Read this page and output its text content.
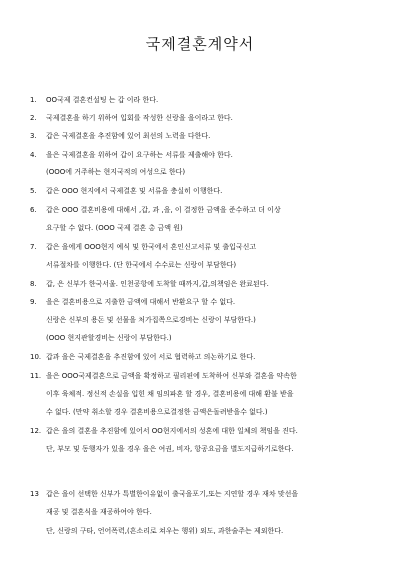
국제결혼계약서

1. OO국제 결혼컨설팅 는 갑 이라 한다.

2. 국제결혼을 하기 위하여 입회를 작성한 신랑을 을이라고 한다.

3. 갑은 국제결혼을 추진함에 있어 최선의 노력을 다한다.

4. 을은 국제결혼을 위하여 갑이 요구하는 서류를 제출해야 한다.

(OOO에 거주하는 현지국적의 여성으로 한다)

5. 갑은 OOO 현지에서 국제결혼 및 서류을 충실히 이행한다.

6. 갑은 OOO 결혼비용에 대해서 ,갑, 과 ,을, 이 결정한 금액을 준수하고 더 이상

요구할 수 없다. (OOO 국제 결혼 총 금액 원)

7. 갑은 을에게 OOO현지 예식 및 한국에서 혼인신고서류 및 출입국신고

서류절차를 이행한다. (단 한국에서 수수료는 신랑이 부담한다)

8. 갑, 은 신부가 한국서울. 인천공항에 도착할 때까지,갑,의책임은 완료된다.

9. 을은 결혼비용으로 지출한 금액에 대해서 반환요구 할 수 없다.

신랑은 신부의 용돈 및 선물을 처가집쪽으로경비는 신랑이 부담한다.)

(OOO 현지관할경비는 신랑이 부담한다.)

10. 갑과 을은 국제결혼을 추진함에 있어 서로 협력하고 의논하기로 한다.

11. 을은 OOO국제결혼으로 금액을 확정하고 필리핀에 도착하여 신부와 결혼을 약속한

이후 육체적. 정신적 손실을 입힌 채 임의파혼 할 경우, 결혼비용에 대해 환불 받을

수 없다. (만약 취소할 경우 결혼비용으로결정한 금액은돌려받을수 없다.)

12. 갑은 을의 결혼을 추진함에 있어서 OO현지에서의 성혼에 대한 일체의 책임을 진다.

단, 부모 및 동행자가 있을 경우 을은 여권, 비자, 항공요금을 별도지급하기로한다.

13 갑은 을이 선택한 신부가 특별한이유없이 출국을포기,또는 지연할 경우 재차 맞선을

재공 및 결혼식을 재공하여야 한다.

단, 신랑의 구타, 언어폭력,(흔소리로 쳐우는 행위) 외도, 과한술주는 제외한다.
